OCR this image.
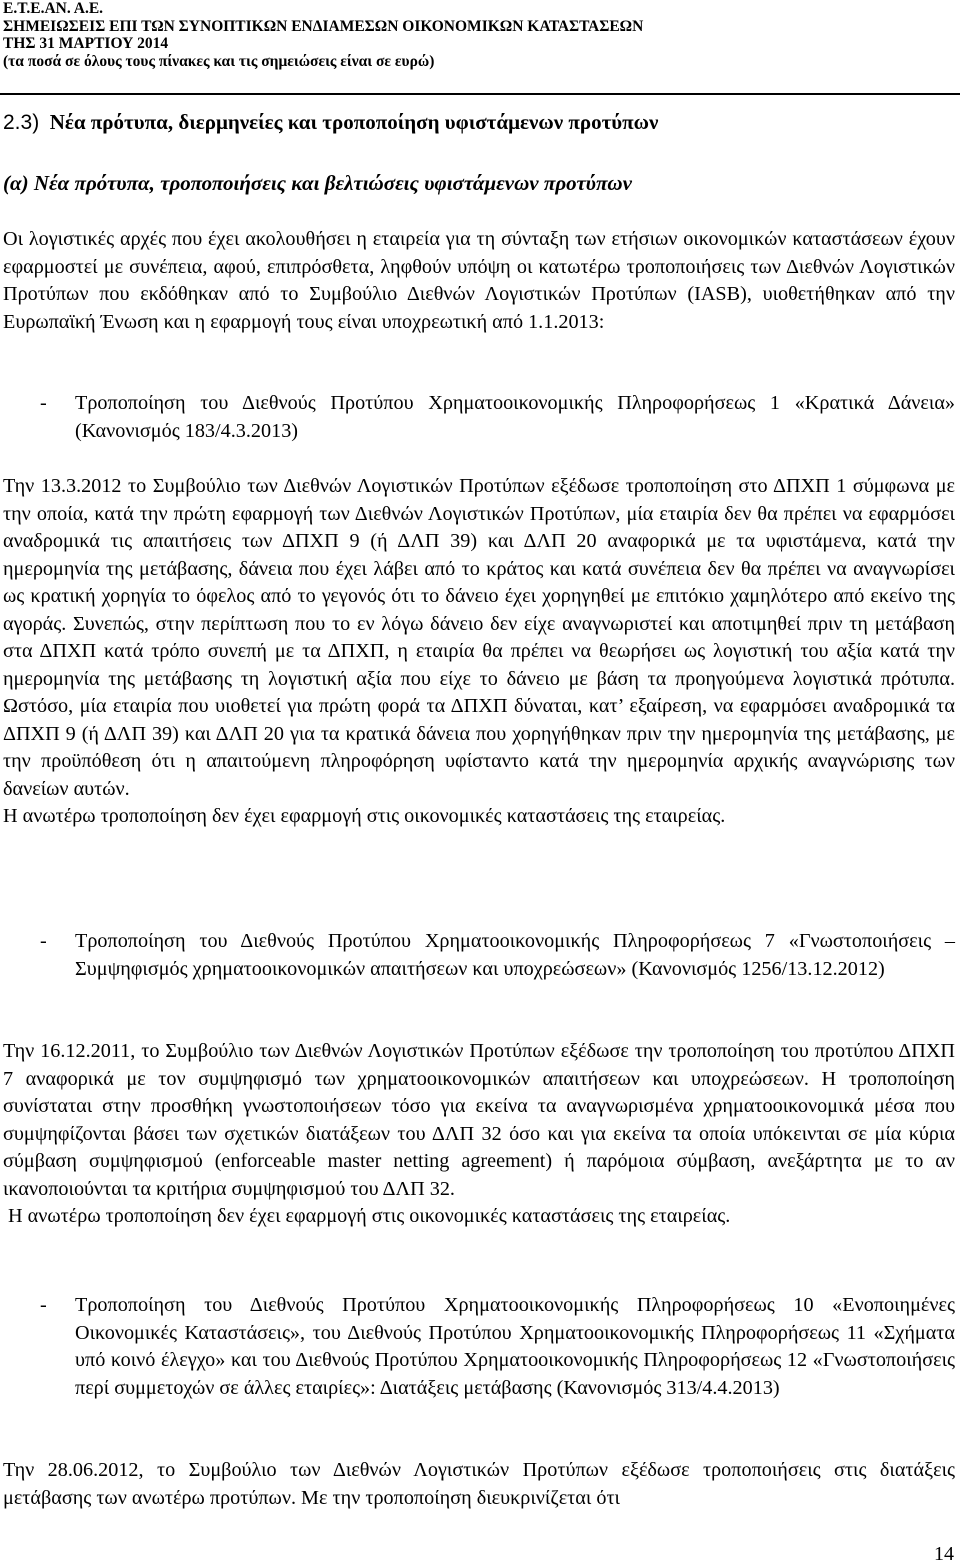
Ε.Τ.Ε.ΑΝ. Α.Ε.
ΣΗΜΕΙΩΣΕΙΣ ΕΠΙ ΤΩΝ ΣΥΝΟΠΤΙΚΩΝ ΕΝΔΙΑΜΕΣΩΝ ΟΙΚΟΝΟΜΙΚΩΝ ΚΑΤΑΣΤΑΣΕΩΝ
ΤΗΣ 31 ΜΑΡΤΙΟΥ 2014
(τα ποσά σε όλους τους πίνακες και τις σημειώσεις είναι σε ευρώ)
2.3) Νέα πρότυπα, διερμηνείες και τροποποίηση υφιστάμενων προτύπων
(α) Νέα πρότυπα, τροποποιήσεις και βελτιώσεις υφιστάμενων προτύπων

Οι λογιστικές αρχές που έχει ακολουθήσει η εταιρεία για τη σύνταξη των ετήσιων οικονομικών καταστάσεων έχουν εφαρμοστεί με συνέπεια, αφού, επιπρόσθετα, ληφθούν υπόψη οι κατωτέρω τροποποιήσεις των Διεθνών Λογιστικών Προτύπων που εκδόθηκαν από το Συμβούλιο Διεθνών Λογιστικών Προτύπων (IASB), υιοθετήθηκαν από την Ευρωπαϊκή Ένωση και η εφαρμογή τους είναι υποχρεωτική από 1.1.2013:

-	Τροποποίηση του Διεθνούς Προτύπου Χρηματοοικονομικής Πληροφορήσεως 1 «Κρατικά Δάνεια» (Κανονισμός 183/4.3.2013)

Την 13.3.2012 το Συμβούλιο των Διεθνών Λογιστικών Προτύπων εξέδωσε τροποποίηση στο ΔΠΧΠ 1 σύμφωνα με την οποία, κατά την πρώτη εφαρμογή των Διεθνών Λογιστικών Προτύπων, μία εταιρία δεν θα πρέπει να εφαρμόσει αναδρομικά τις απαιτήσεις των ΔΠΧΠ 9 (ή ΔΛΠ 39) και ΔΛΠ 20 αναφορικά με τα υφιστάμενα, κατά την ημερομηνία της μετάβασης, δάνεια που έχει λάβει από το κράτος και κατά συνέπεια δεν θα πρέπει να αναγνωρίσει ως κρατική χορηγία το όφελος από το γεγονός ότι το δάνειο έχει χορηγηθεί με επιτόκιο χαμηλότερο από εκείνο της αγοράς. Συνεπώς, στην περίπτωση που το εν λόγω δάνειο δεν είχε αναγνωριστεί και αποτιμηθεί πριν τη μετάβαση στα ΔΠΧΠ κατά τρόπο συνεπή με τα ΔΠΧΠ, η εταιρία θα πρέπει να θεωρήσει ως λογιστική του αξία κατά την ημερομηνία της μετάβασης τη λογιστική αξία που είχε το δάνειο με βάση τα προηγούμενα λογιστικά πρότυπα. Ωστόσο, μία εταιρία που υιοθετεί για πρώτη φορά τα ΔΠΧΠ δύναται, κατ’ εξαίρεση, να εφαρμόσει αναδρομικά τα ΔΠΧΠ 9 (ή ΔΛΠ 39) και ΔΛΠ 20 για τα κρατικά δάνεια που χορηγήθηκαν πριν την ημερομηνία της μετάβασης, με την προϋπόθεση ότι η απαιτούμενη πληροφόρηση υφίσταντο κατά την ημερομηνία αρχικής αναγνώρισης των δανείων αυτών.

Η ανωτέρω τροποποίηση δεν έχει εφαρμογή στις οικονομικές καταστάσεις της εταιρείας.

-	Τροποποίηση του Διεθνούς Προτύπου Χρηματοοικονομικής Πληροφορήσεως 7 «Γνωστοποιήσεις – Συμψηφισμός χρηματοοικονομικών απαιτήσεων και υποχρεώσεων» (Κανονισμός 1256/13.12.2012)

Την 16.12.2011, το Συμβούλιο των Διεθνών Λογιστικών Προτύπων εξέδωσε την τροποποίηση του προτύπου ΔΠΧΠ 7 αναφορικά με τον συμψηφισμό των χρηματοοικονομικών απαιτήσεων και υποχρεώσεων. Η τροποποίηση συνίσταται στην προσθήκη γνωστοποιήσεων τόσο για εκείνα τα αναγνωρισμένα χρηματοοικονομικά μέσα που συμψηφίζονται βάσει των σχετικών διατάξεων του ΔΛΠ 32 όσο και για εκείνα τα οποία υπόκεινται σε μία κύρια σύμβαση συμψηφισμού (enforceable master netting agreement) ή παρόμοια σύμβαση, ανεξάρτητα με το αν ικανοποιούνται τα κριτήρια συμψηφισμού του ΔΛΠ 32.

Η ανωτέρω τροποποίηση δεν έχει εφαρμογή στις οικονομικές καταστάσεις της εταιρείας.

-	Τροποποίηση του Διεθνούς Προτύπου Χρηματοοικονομικής Πληροφορήσεως 10 «Ενοποιημένες Οικονομικές Καταστάσεις», του Διεθνούς Προτύπου Χρηματοοικονομικής Πληροφορήσεως 11 «Σχήματα υπό κοινό έλεγχο» και του Διεθνούς Προτύπου Χρηματοοικονομικής Πληροφορήσεως 12 «Γνωστοποιήσεις περί συμμετοχών σε άλλες εταιρίες»: Διατάξεις μετάβασης (Κανονισμός 313/4.4.2013)

Την 28.06.2012, το Συμβούλιο των Διεθνών Λογιστικών Προτύπων εξέδωσε τροποποιήσεις στις διατάξεις μετάβασης των ανωτέρω προτύπων. Με την τροποποίηση διευκρινίζεται ότι

14
